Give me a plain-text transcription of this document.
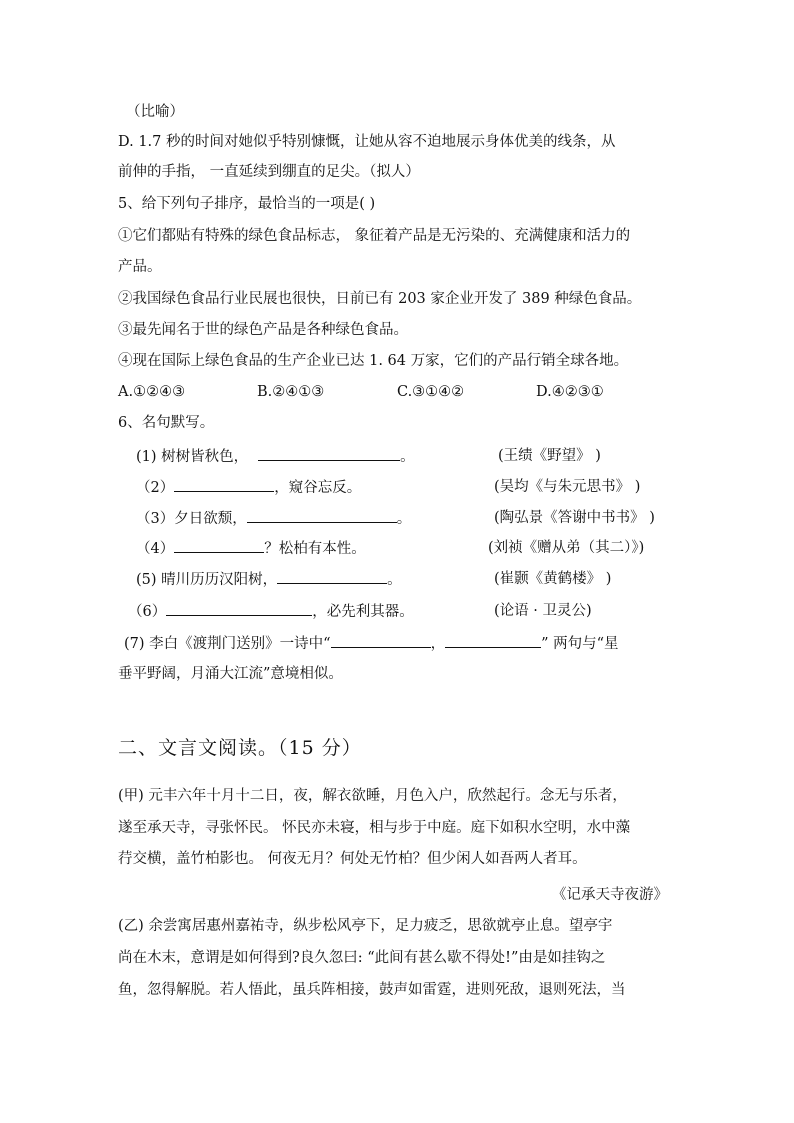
（比喻）
D. 1.7 秒的时间对她似乎特别慷慨，让她从容不迫地展示身体优美的线条，从
前伸的手指， 一直延续到绷直的足尖。（拟人）
5、给下列句子排序，最恰当的一项是( )
①它们都贴有特殊的绿色食品标志， 象征着产品是无污染的、充满健康和活力的
产品。
②我国绿色食品行业民展也很快，日前已有 203 家企业开发了 389 种绿色食品。
③最先闻名于世的绿色产品是各种绿色食品。
④现在国际上绿色食品的生产企业已达 1. 64 万家，它们的产品行销全球各地。
A.①②④③	B.②④①③	C.③①④②	D.④②③①
6、名句默写。
(1) 树树皆秋色，	。	(王绩《野望》 )
（2）	，窥谷忘反。	(吴均《与朱元思书》 )
（3）夕日欲颓，	。	(陶弘景《答谢中书书》 )
（4）	？松柏有本性。	(刘祯《赠从弟（其二）》)
(5) 晴川历历汉阳树，	。	(崔颢《黄鹤楼》 )
（6）	，必先利其器。	(论语 · 卫灵公)
(7) 李白《渡荆门送别》一诗中“	，	” 两句与“星
垂平野阔，月涌大江流”意境相似。
二、文言文阅读。（15 分）
(甲) 元丰六年十月十二日，夜，解衣欲睡，月色入户，欣然起行。念无与乐者，
遂至承天寺，寻张怀民。 怀民亦未寝，相与步于中庭。庭下如积水空明，水中藻
荇交横，盖竹柏影也。 何夜无月？何处无竹柏？但少闲人如吾两人者耳。
《记承天寺夜游》
(乙) 余尝寓居惠州嘉祐寺，纵步松风亭下，足力疲乏，思欲就亭止息。望亭宇
尚在木末，意谓是如何得到?良久忽曰: “此间有甚么歇不得处!”由是如挂钩之
鱼，忽得解脱。若人悟此，虽兵阵相接，鼓声如雷霆，进则死敌，退则死法，当
